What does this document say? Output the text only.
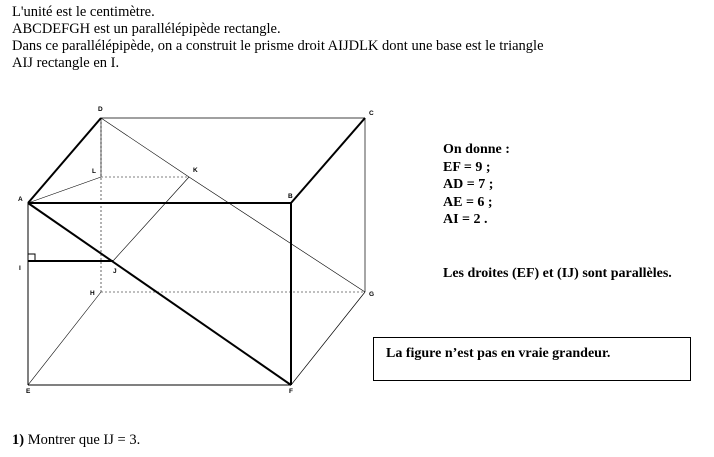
L'unité est le centimètre.
ABCDEFGH est un parallélépipède rectangle.
Dans ce parallélépipède, on a construit le prisme droit AIJDLK dont une base est le triangle
AIJ rectangle en I.
A	B
C
D
E	F
G
H
I	J
K
L
On donne :
EF = 9 ;
AD = 7 ;
AE = 6 ;
AI = 2 .
Les droites (EF) et (IJ) sont parallèles.
La figure n’est pas en vraie grandeur.
1) Montrer que IJ = 3.
